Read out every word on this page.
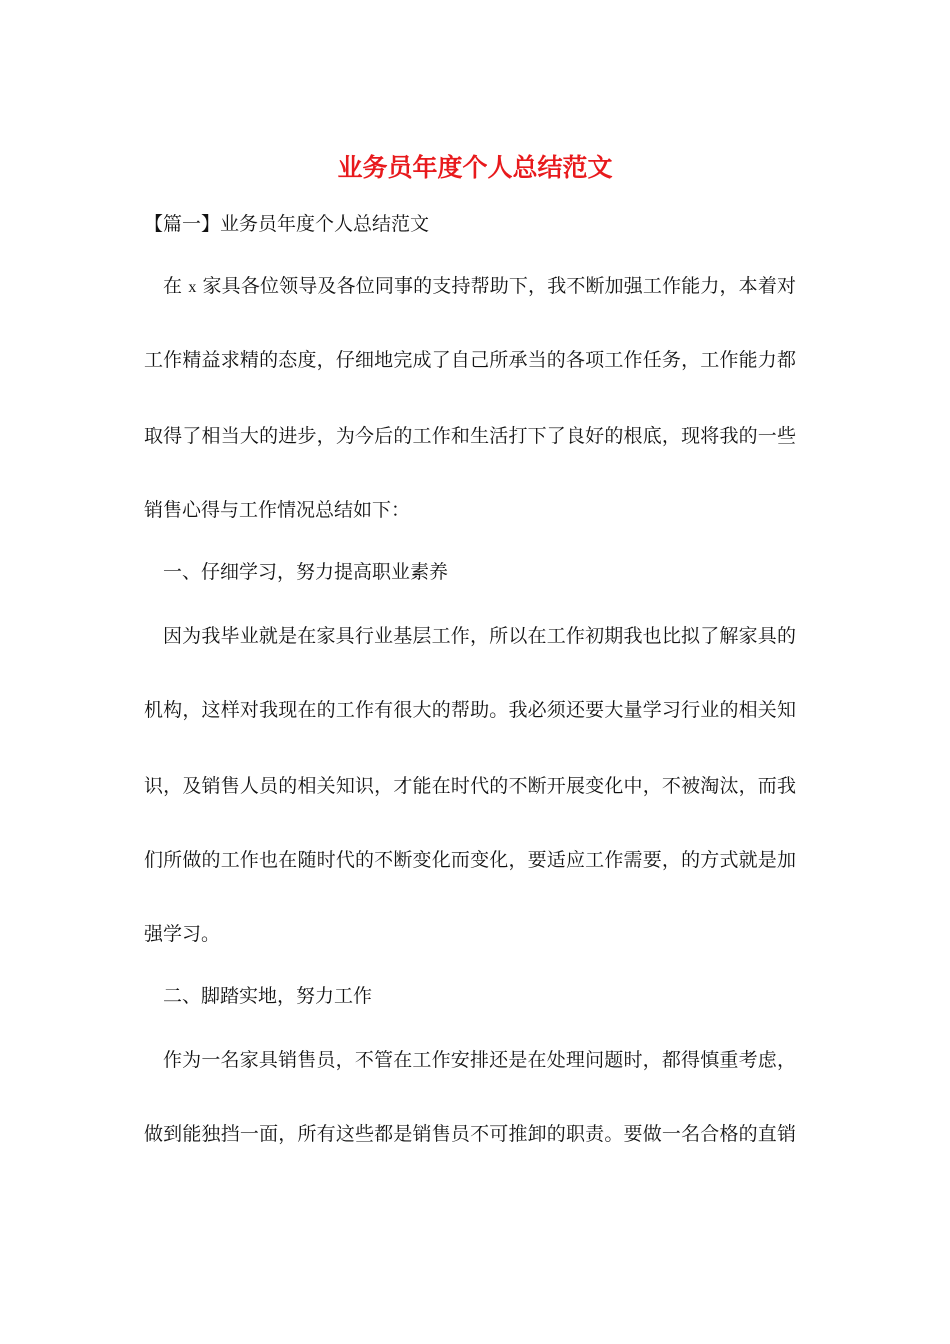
业务员年度个人总结范文

【篇一】业务员年度个人总结范文

在 x 家具各位领导及各位同事的支持帮助下，我不断加强工作能力，本着对

工作精益求精的态度，仔细地完成了自己所承当的各项工作任务，工作能力都

取得了相当大的进步，为今后的工作和生活打下了良好的根底，现将我的一些

销售心得与工作情况总结如下：

一、仔细学习，努力提高职业素养

因为我毕业就是在家具行业基层工作，所以在工作初期我也比拟了解家具的

机构，这样对我现在的工作有很大的帮助。我必须还要大量学习行业的相关知

识，及销售人员的相关知识，才能在时代的不断开展变化中，不被淘汰，而我

们所做的工作也在随时代的不断变化而变化，要适应工作需要，的方式就是加

强学习。

二、脚踏实地，努力工作

作为一名家具销售员，不管在工作安排还是在处理问题时，都得慎重考虑，

做到能独挡一面，所有这些都是销售员不可推卸的职责。要做一名合格的直销
